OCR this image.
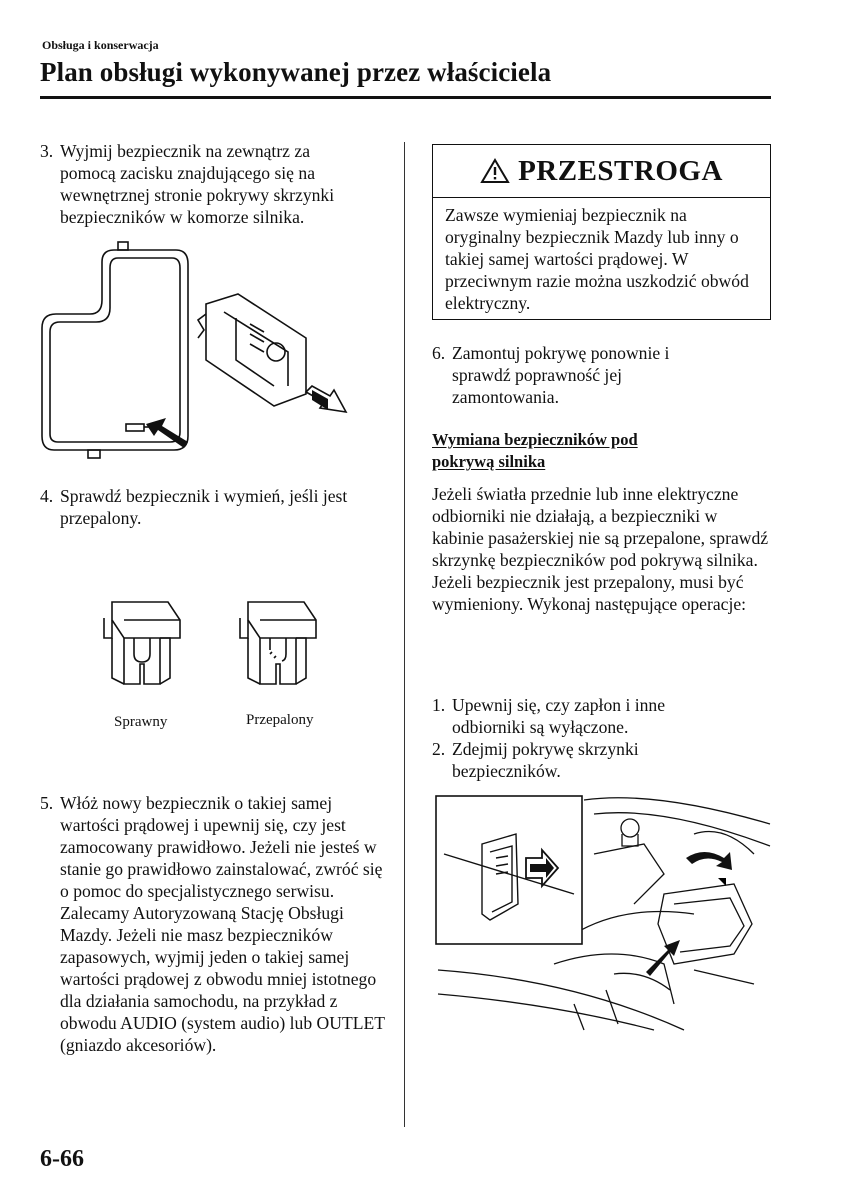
Obsługa i konserwacja
Plan obsługi wykonywanej przez właściciela
3. Wyjmij bezpiecznik na zewnątrz za pomocą zacisku znajdującego się na wewnętrznej stronie pokrywy skrzynki bezpieczników w komorze silnika.
4. Sprawdź bezpiecznik i wymień, jeśli jest przepalony.
Sprawny	Przepalony
5. Włóż nowy bezpiecznik o takiej samej wartości prądowej i upewnij się, czy jest zamocowany prawidłowo. Jeżeli nie jesteś w stanie go prawidłowo zainstalować, zwróć się o pomoc do specjalistycznego serwisu. Zalecamy Autoryzowaną Stację Obsługi Mazdy. Jeżeli nie masz bezpieczników zapasowych, wyjmij jeden o takiej samej wartości prądowej z obwodu mniej istotnego dla działania samochodu, na przykład z obwodu AUDIO (system audio) lub OUTLET (gniazdo akcesoriów).
PRZESTROGA
Zawsze wymieniaj bezpiecznik na oryginalny bezpiecznik Mazdy lub inny o takiej samej wartości prądowej. W przeciwnym razie można uszkodzić obwód elektryczny.
6. Zamontuj pokrywę ponownie i sprawdź poprawność jej zamontowania.
Wymiana bezpieczników pod pokrywą silnika
Jeżeli światła przednie lub inne elektryczne odbiorniki nie działają, a bezpieczniki w kabinie pasażerskiej nie są przepalone, sprawdź skrzynkę bezpieczników pod pokrywą silnika. Jeżeli bezpiecznik jest przepalony, musi być wymieniony. Wykonaj następujące operacje:
1. Upewnij się, czy zapłon i inne odbiorniki są wyłączone.
2. Zdejmij pokrywę skrzynki bezpieczników.
6-66
